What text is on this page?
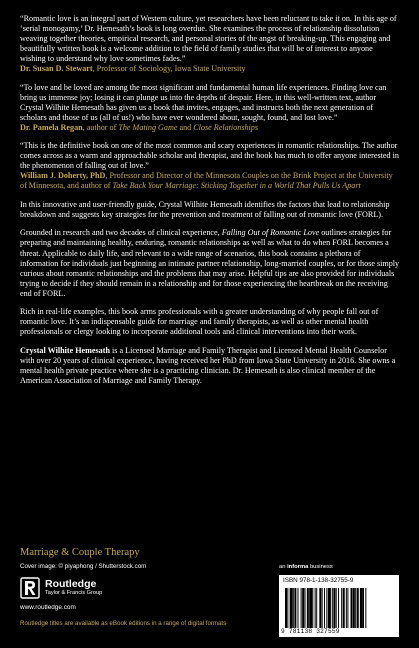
“Romantic love is an integral part of Western culture, yet researchers have been reluctant to take it on. In this age of ‘serial monogamy,’ Dr. Hemesath’s book is long overdue. She examines the process of relationship dissolution weaving together theories, empirical research, and personal stories of the angst of breaking-up. This engaging and beautifully written book is a welcome addition to the field of family studies that will be of interest to anyone wishing to understand why love sometimes fades.”

Dr. Susan D. Stewart, Professor of Sociology, Iowa State University

“To love and be loved are among the most significant and fundamental human life experiences. Finding love can bring us immense joy; losing it can plunge us into the depths of despair. Here, in this well-written text, author Crystal Wilhite Hemesath has given us a book that invites, engages, and instructs both the next generation of scholars and those of us (all of us!) who have ever wondered about, sought, found, and lost love.”

Dr. Pamela Regan, author of The Mating Game and Close Relationships

“This is the definitive book on one of the most common and scary experiences in romantic relationships. The author comes across as a warm and approachable scholar and therapist, and the book has much to offer anyone interested in the phenomenon of falling out of love.”

William J. Doherty, PhD, Professor and Director of the Minnesota Couples on the Brink Project at the University of Minnesota, and author of Take Back Your Marriage: Sticking Together in a World That Pulls Us Apart

In this innovative and user-friendly guide, Crystal Wilhite Hemesath identifies the factors that lead to relationship breakdown and suggests key strategies for the prevention and treatment of falling out of romantic love (FORL).

Grounded in research and two decades of clinical experience, Falling Out of Romantic Love outlines strategies for preparing and maintaining healthy, enduring, romantic relationships as well as what to do when FORL becomes a threat. Applicable to daily life, and relevant to a wide range of scenarios, this book contains a plethora of information for individuals just beginning an intimate partner relationship, long-married couples, or for those simply curious about romantic relationships and the problems that may arise. Helpful tips are also provided for individuals trying to decide if they should remain in a relationship and for those experiencing the heartbreak on the receiving end of FORL.

Rich in real-life examples, this book arms professionals with a greater understanding of why people fall out of romantic love. It’s an indispensable guide for marriage and family therapists, as well as other mental health professionals or clergy looking to incorporate additional tools and clinical interventions into their work.

Crystal Wilhite Hemesath is a Licensed Marriage and Family Therapist and Licensed Mental Health Counselor with over 20 years of clinical experience, having received her PhD from Iowa State University in 2016. She owns a mental health private practice where she is a practicing clinician. Dr. Hemesath is also clinical member of the American Association of Marriage and Family Therapy.

Marriage & Couple Therapy
Cover image: © piyaphong / Shutterstock.com
Routledge
Taylor & Francis Group
www.routledge.com
Routledge titles are available as eBook editions in a range of digital formats
an informa business
ISBN 978-1-138-32755-9
9 781138 327559
